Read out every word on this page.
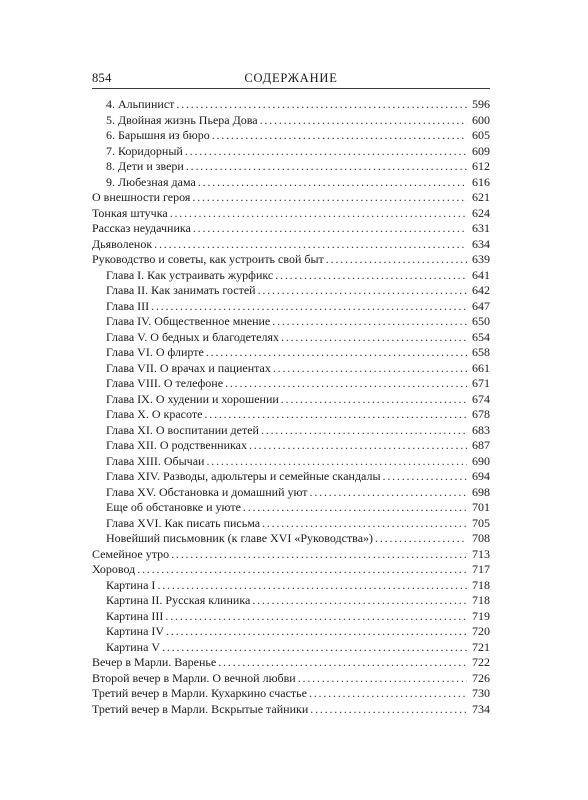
854	СОДЕРЖАНИЕ
4. Альпинист . . .	596
5. Двойная жизнь Пьера Дова . . .	600
6. Барышня из бюро . . .	605
7. Коридорный . . .	609
8. Дети и звери . . .	612
9. Любезная дама . . .	616
О внешности героя . . .	621
Тонкая штучка . . .	624
Рассказ неудачника . . .	631
Дьяволенок . . .	634
Руководство и советы, как устроить свой быт . . .	639
Глава I. Как устраивать журфикс . . .	641
Глава II. Как занимать гостей . . .	642
Глава III . . .	647
Глава IV. Общественное мнение . . .	650
Глава V. О бедных и благодетелях . . .	654
Глава VI. О флирте . . .	658
Глава VII. О врачах и пациентах . . .	661
Глава VIII. О телефоне . . .	671
Глава IX. О худении и хорошении . . .	674
Глава X. О красоте . . .	678
Глава XI. О воспитании детей . . .	683
Глава XII. О родственниках . . .	687
Глава XIII. Обычаи . . .	690
Глава XIV. Разводы, адюльтеры и семейные скандалы . . .	694
Глава XV. Обстановка и домашний уют . . .	698
Еще об обстановке и уюте . . .	701
Глава XVI. Как писать письма . . .	705
Новейший письмовник (к главе XVI «Руководства») . . .	708
Семейное утро . . .	713
Хоровод . . .	717
Картина I . . .	718
Картина II. Русская клиника . . .	718
Картина III . . .	719
Картина IV . . .	720
Картина V . . .	721
Вечер в Марли. Варенье . . .	722
Второй вечер в Марли. О вечной любви . . .	726
Третий вечер в Марли. Кухаркино счастье . . .	730
Третий вечер в Марли. Вскрытые тайники . . .	734
